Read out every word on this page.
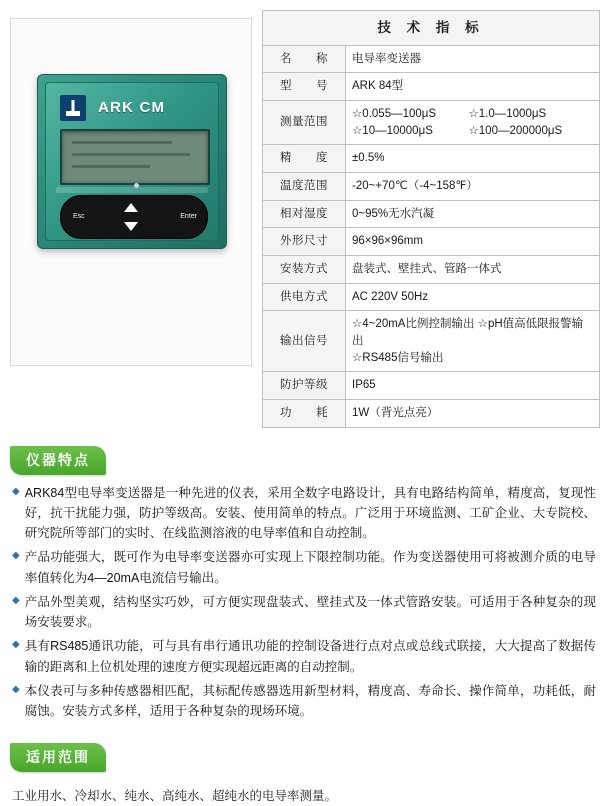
ARK CM
Esc	Enter
技 术 指 标	
名　　称	电导率变送器
型　　号	ARK 84型
测量范围	☆0.055—100μS ☆1.0—1000μS
☆10—10000μS ☆100—200000μS

精　　度	±0.5%
温度范围	-20~+70℃（-4~158℉）
相对湿度	0~95%无水汽凝
外形尺寸	96×96×96mm
安装方式	盘装式、壁挂式、管路一体式
供电方式	AC 220V 50Hz
输出信号	☆4~20mA比例控制输出 ☆pH值高低限报警输出
☆RS485信号输出

防护等级	IP65
功　　耗	1W（背光点亮）
仪器特点
◆ ARK84型电导率变送器是一种先进的仪表，采用全数字电路设计，具有电路结构简单，精度高，复现性好，抗干扰能力强，防护等级高。安装、使用简单的特点。广泛用于环境监测、工矿企业、大专院校、研究院所等部门的实时、在线监测溶液的电导率值和自动控制。
◆ 产品功能强大，既可作为电导率变送器亦可实现上下限控制功能。作为变送器使用可将被测介质的电导率值转化为4—20mA电流信号输出。
◆ 产品外型美观，结构坚实巧妙，可方便实现盘装式、壁挂式及一体式管路安装。可适用于各种复杂的现场安装要求。
◆ 具有RS485通讯功能，可与具有串行通讯功能的控制设备进行点对点或总线式联接，大大提高了数据传输的距离和上位机处理的速度方便实现超远距离的自动控制。
◆ 本仪表可与多种传感器相匹配，其标配传感器选用新型材料，精度高、寿命长、操作简单，功耗低，耐腐蚀。安装方式多样，适用于各种复杂的现场环境。
适用范围
工业用水、冷却水、纯水、高纯水、超纯水的电导率测量。
